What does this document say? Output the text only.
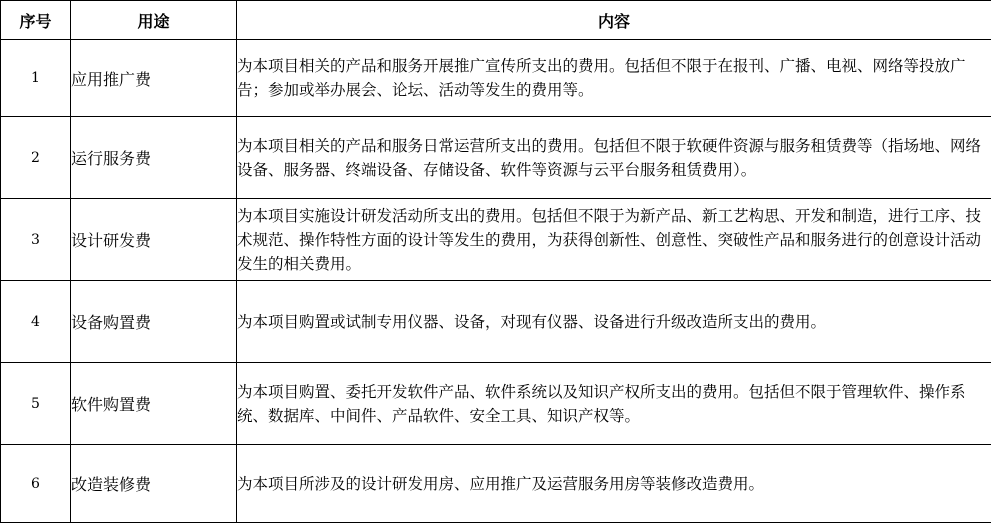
序号	用途	内容
1	应用推广费	为本项目相关的产品和服务开展推广宣传所支出的费用。包括但不限于在报刊、广播、电视、网络等投放广告；参加或举办展会、论坛、活动等发生的费用等。

2	运行服务费	为本项目相关的产品和服务日常运营所支出的费用。包括但不限于软硬件资源与服务租赁费等（指场地、网络设备、服务器、终端设备、存储设备、软件等资源与云平台服务租赁费用）。

3	设计研发费	为本项目实施设计研发活动所支出的费用。包括但不限于为新产品、新工艺构思、开发和制造，进行工序、技术规范、操作特性方面的设计等发生的费用，为获得创新性、创意性、突破性产品和服务进行的创意设计活动发生的相关费用。

4	设备购置费	为本项目购置或试制专用仪器、设备，对现有仪器、设备进行升级改造所支出的费用。

5	软件购置费	为本项目购置、委托开发软件产品、软件系统以及知识产权所支出的费用。包括但不限于管理软件、操作系统、数据库、中间件、产品软件、安全工具、知识产权等。

6	改造装修费	为本项目所涉及的设计研发用房、应用推广及运营服务用房等装修改造费用。
